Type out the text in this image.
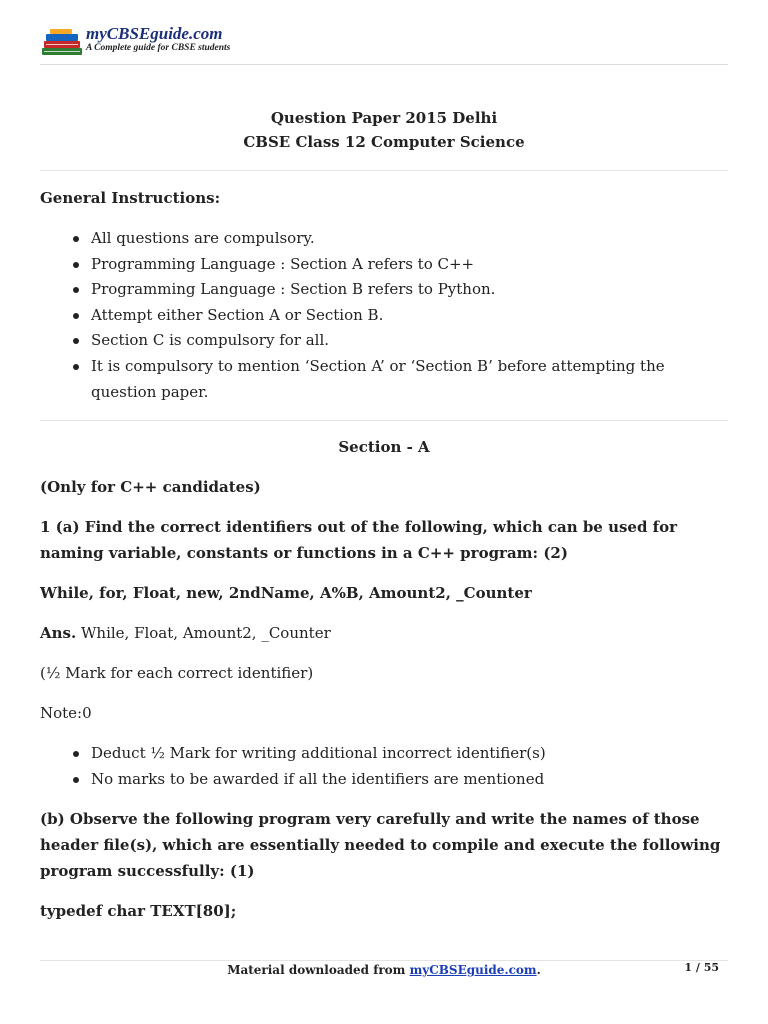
myCBSEguide.com
A Complete guide for CBSE students
Question Paper 2015 Delhi
CBSE Class 12 Computer Science
General Instructions:
All questions are compulsory.
Programming Language : Section A refers to C++
Programming Language : Section B refers to Python.
Attempt either Section A or Section B.
Section C is compulsory for all.
It is compulsory to mention ‘Section A’ or ‘Section B’ before attempting the question paper.
Section - A
(Only for C++ candidates)
1 (a) Find the correct identifiers out of the following, which can be used for naming variable, constants or functions in a C++ program: (2)
While, for, Float, new, 2ndName, A%B, Amount2, _Counter
Ans. While, Float, Amount2, _Counter
(½ Mark for each correct identifier)
Note:0
Deduct ½ Mark for writing additional incorrect identifier(s)
No marks to be awarded if all the identifiers are mentioned
(b) Observe the following program very carefully and write the names of those header file(s), which are essentially needed to compile and execute the following program successfully: (1)
typedef char TEXT[80];
Material downloaded from myCBSEguide.com.	1 / 55
